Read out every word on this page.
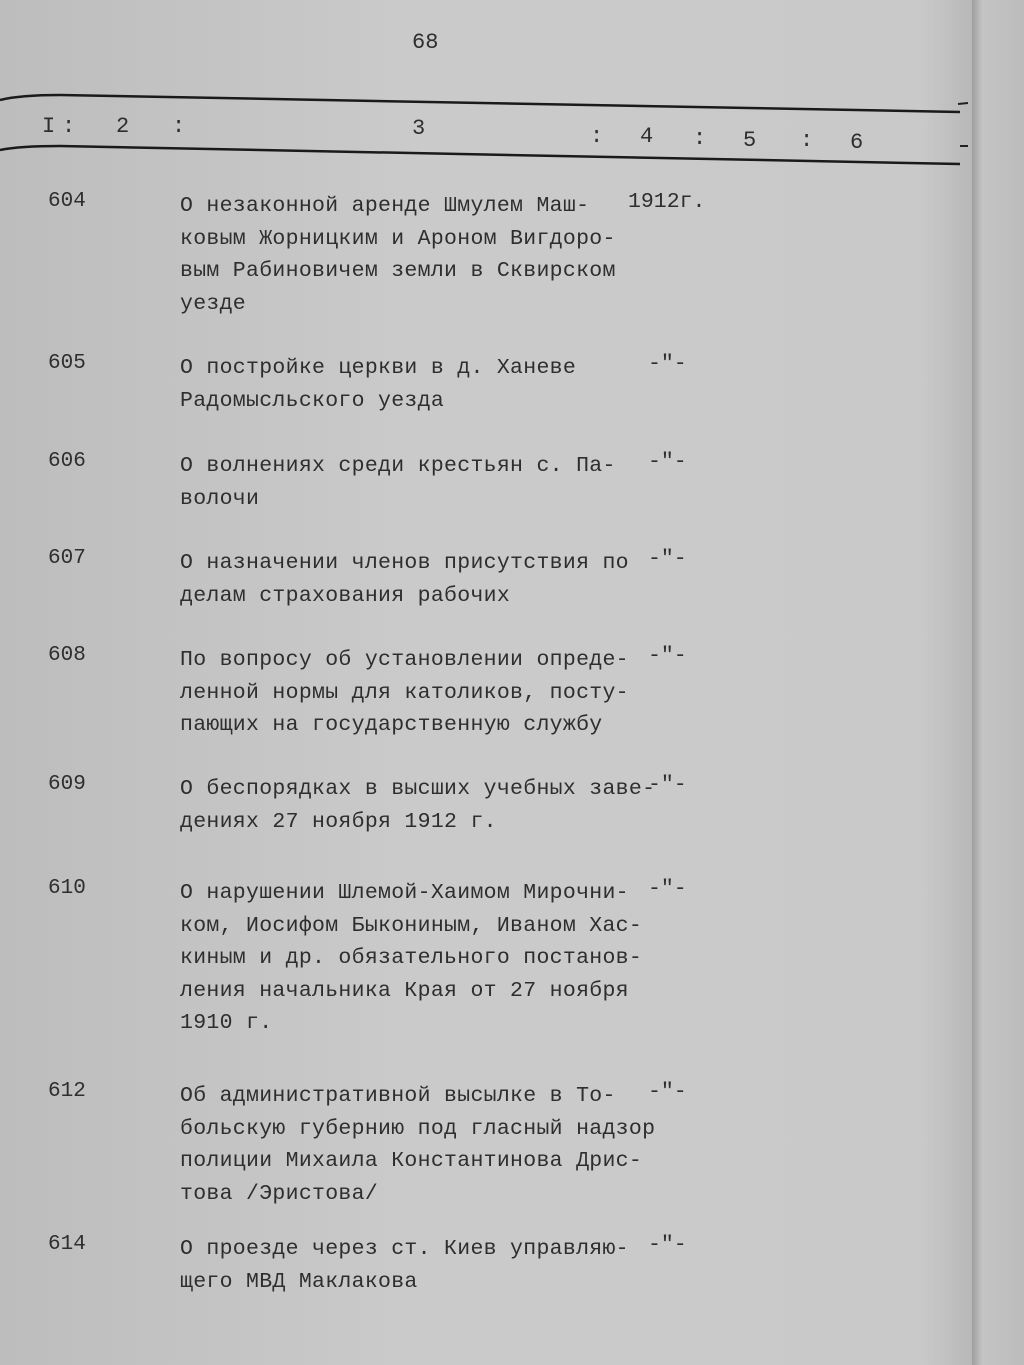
68
I : 2 :	3	: 4 : 5 : 6
604	О незаконной аренде Шмулем Маш-
ковым Жорницким и Ароном Вигдоро-
вым Рабиновичем земли в Сквирском
уезде
1912г.
605	О постройке церкви в д. Ханеве
Радомысльского уезда
-"-
606	О волнениях среди крестьян с. Па-
волочи
-"-
607	О назначении членов присутствия по
делам страхования рабочих
-"-
608	По вопросу об установлении опреде-
ленной нормы для католиков, посту-
пающих на государственную службу
-"-
609	О беспорядках в высших учебных заве-
дениях 27 ноября 1912 г.
-"-
610	О нарушении Шлемой-Хаимом Мирочни-
ком, Иосифом Быкониным, Иваном Хас-
киным и др. обязательного постанов-
ления начальника Края от 27 ноября
1910 г.
-"-
612	Об административной высылке в То-
больскую губернию под гласный надзор
полиции Михаила Константинова Дрис-
това /Эристова/
-"-
614	О проезде через ст. Киев управляю-
щего МВД Маклакова
-"-
